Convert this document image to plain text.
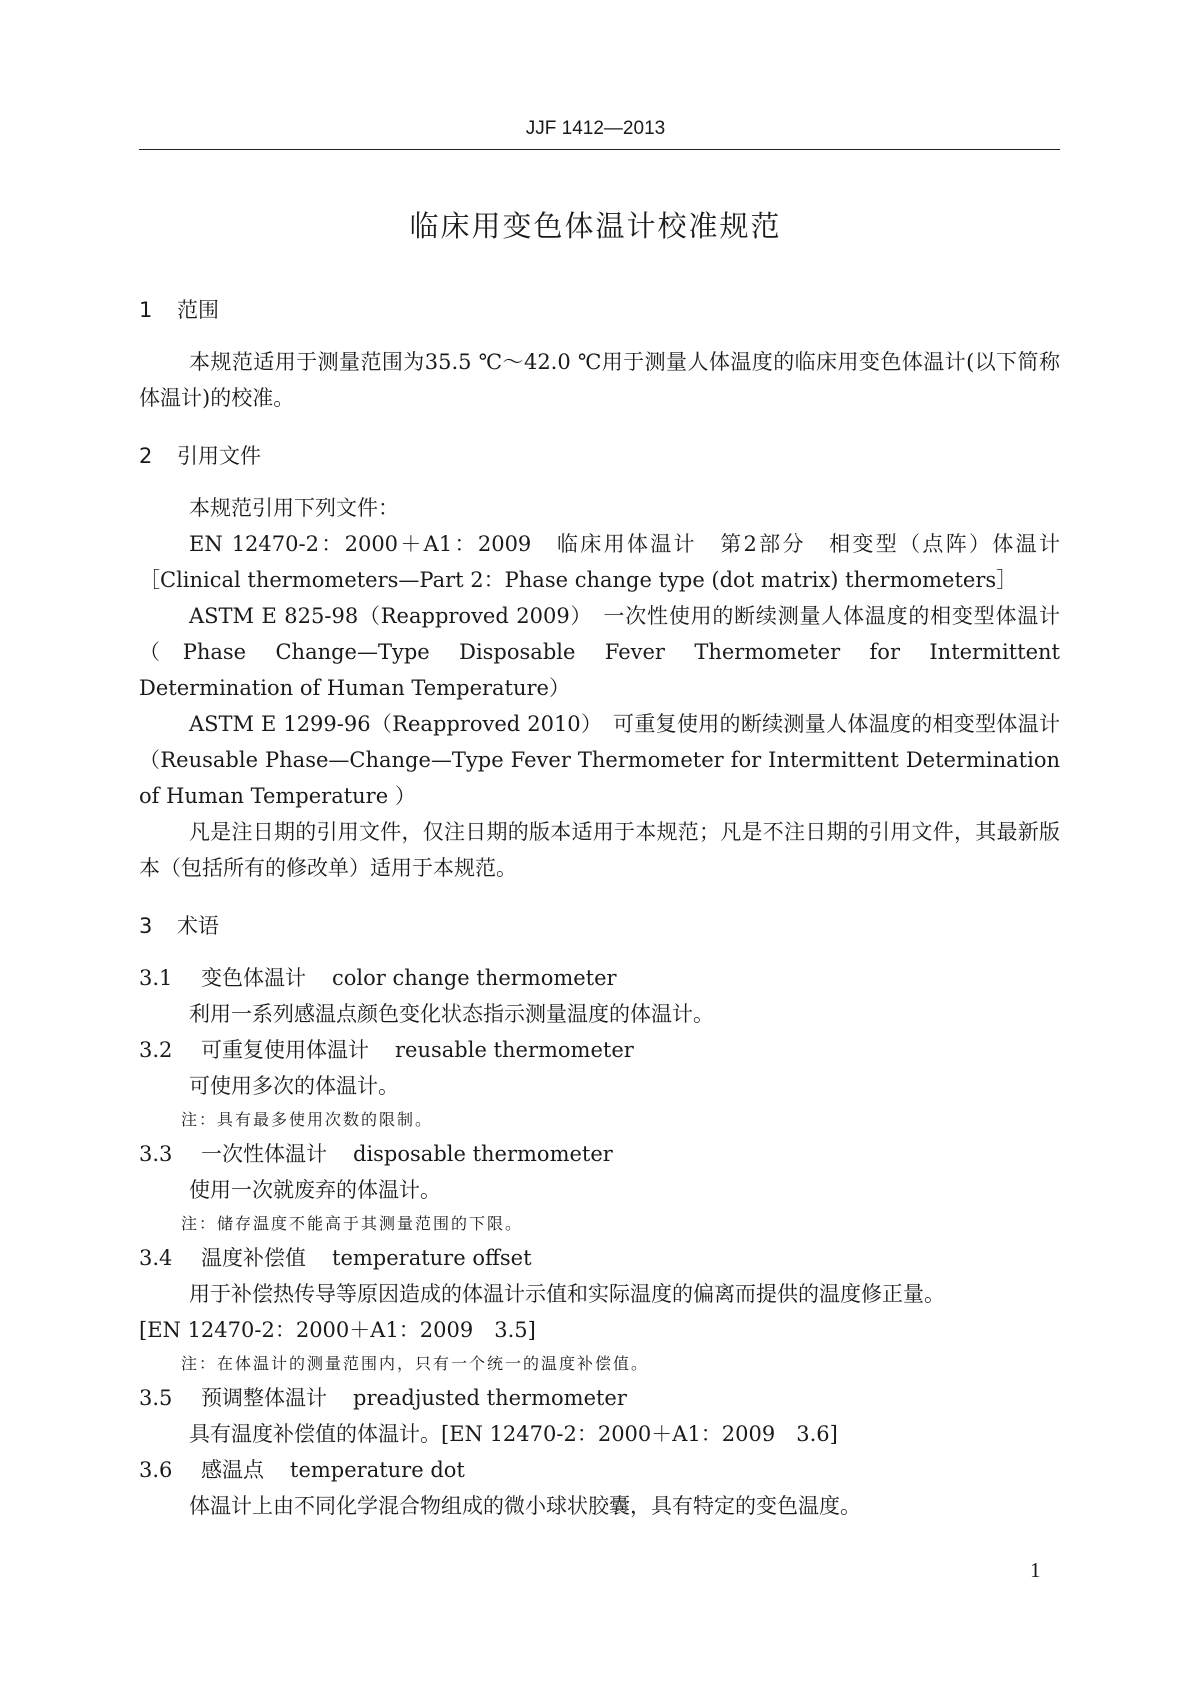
JJF 1412—2013
临床用变色体温计校准规范
1 范围
本规范适用于测量范围为35.5 ℃～42.0 ℃用于测量人体温度的临床用变色体温计(以下简称体温计)的校准。
2 引用文件
本规范引用下列文件：
EN 12470-2：2000＋A1：2009　临床用体温计　第2部分　相变型（点阵）体温计［Clinical thermometers—Part 2：Phase change type (dot matrix) thermometers］
ASTM E 825-98（Reapproved 2009）　一次性使用的断续测量人体温度的相变型体温计（Phase Change—Type Disposable Fever Thermometer for Intermittent Determination of Human Temperature）
ASTM E 1299-96（Reapproved 2010）　可重复使用的断续测量人体温度的相变型体温计（Reusable Phase—Change—Type Fever Thermometer for Intermittent Determination of Human Temperature ）
凡是注日期的引用文件，仅注日期的版本适用于本规范；凡是不注日期的引用文件，其最新版本（包括所有的修改单）适用于本规范。
3 术语
3.1 变色体温计 color change thermometer
利用一系列感温点颜色变化状态指示测量温度的体温计。
3.2 可重复使用体温计 reusable thermometer
可使用多次的体温计。
注：具有最多使用次数的限制。
3.3 一次性体温计 disposable thermometer
使用一次就废弃的体温计。
注：储存温度不能高于其测量范围的下限。
3.4 温度补偿值 temperature offset
用于补偿热传导等原因造成的体温计示值和实际温度的偏离而提供的温度修正量。
[EN 12470-2：2000＋A1：2009　3.5]
注：在体温计的测量范围内，只有一个统一的温度补偿值。
3.5 预调整体温计 preadjusted thermometer
具有温度补偿值的体温计。[EN 12470-2：2000＋A1：2009　3.6]
3.6 感温点 temperature dot
体温计上由不同化学混合物组成的微小球状胶囊，具有特定的变色温度。
1
